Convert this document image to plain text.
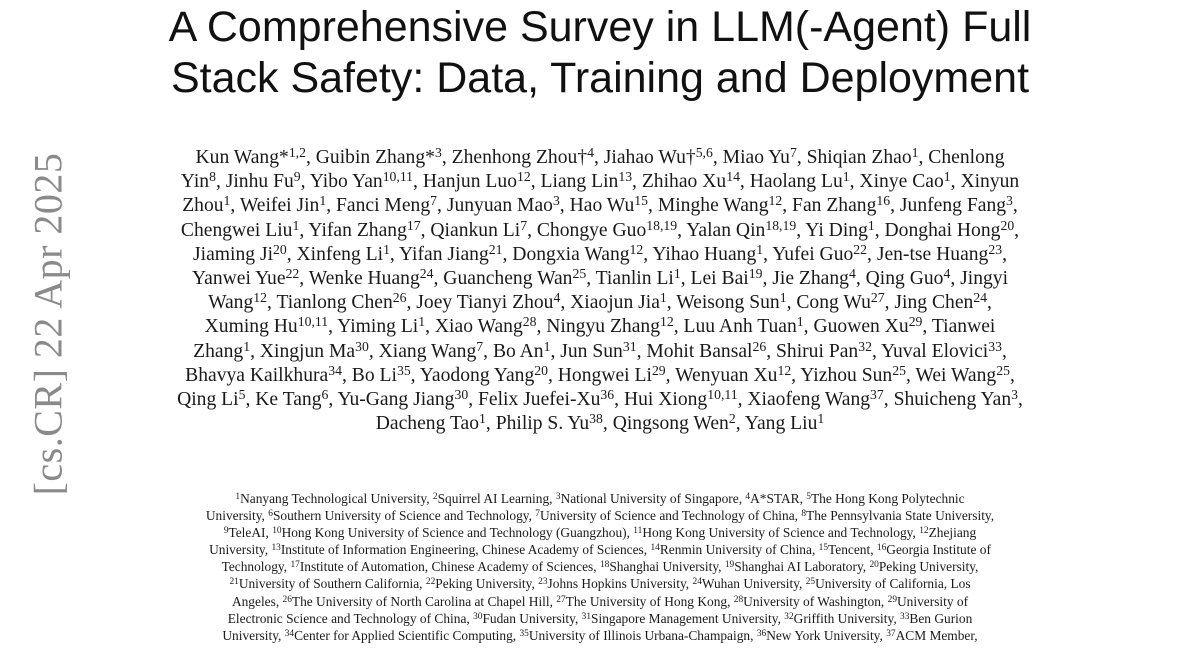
[cs.CR] 22 Apr 2025
A Comprehensive Survey in LLM(-Agent) Full
Stack Safety: Data, Training and Deployment
Kun Wang*$^{1,2}$, Guibin Zhang*$^3$, Zhenhong Zhou†$^4$, Jiahao Wu†$^{5,6}$, Miao Yu$^7$, Shiqian Zhao$^1$, Chenlong
Yin$^8$, Jinhu Fu$^9$, Yibo Yan$^{10,11}$, Hanjun Luo$^{12}$, Liang Lin$^{13}$, Zhihao Xu$^{14}$, Haolang Lu$^1$, Xinye Cao$^1$, Xinyun
Zhou$^1$, Weifei Jin$^1$, Fanci Meng$^7$, Junyuan Mao$^3$, Hao Wu$^{15}$, Minghe Wang$^{12}$, Fan Zhang$^{16}$, Junfeng Fang$^3$,
Chengwei Liu$^1$, Yifan Zhang$^{17}$, Qiankun Li$^7$, Chongye Guo$^{18,19}$, Yalan Qin$^{18,19}$, Yi Ding$^1$, Donghai Hong$^{20}$,
Jiaming Ji$^{20}$, Xinfeng Li$^1$, Yifan Jiang$^{21}$, Dongxia Wang$^{12}$, Yihao Huang$^1$, Yufei Guo$^{22}$, Jen-tse Huang$^{23}$,
Yanwei Yue$^{22}$, Wenke Huang$^{24}$, Guancheng Wan$^{25}$, Tianlin Li$^1$, Lei Bai$^{19}$, Jie Zhang$^4$, Qing Guo$^4$, Jingyi
Wang$^{12}$, Tianlong Chen$^{26}$, Joey Tianyi Zhou$^4$, Xiaojun Jia$^1$, Weisong Sun$^1$, Cong Wu$^{27}$, Jing Chen$^{24}$,
Xuming Hu$^{10,11}$, Yiming Li$^1$, Xiao Wang$^{28}$, Ningyu Zhang$^{12}$, Luu Anh Tuan$^1$, Guowen Xu$^{29}$, Tianwei
Zhang$^1$, Xingjun Ma$^{30}$, Xiang Wang$^7$, Bo An$^1$, Jun Sun$^{31}$, Mohit Bansal$^{26}$, Shirui Pan$^{32}$, Yuval Elovici$^{33}$,
Bhavya Kailkhura$^{34}$, Bo Li$^{35}$, Yaodong Yang$^{20}$, Hongwei Li$^{29}$, Wenyuan Xu$^{12}$, Yizhou Sun$^{25}$, Wei Wang$^{25}$,
Qing Li$^5$, Ke Tang$^6$, Yu-Gang Jiang$^{30}$, Felix Juefei-Xu$^{36}$, Hui Xiong$^{10,11}$, Xiaofeng Wang$^{37}$, Shuicheng Yan$^3$,
Dacheng Tao$^1$, Philip S. Yu$^{38}$, Qingsong Wen$^2$, Yang Liu$^1$
$^1$Nanyang Technological University, $^2$Squirrel AI Learning, $^3$National University of Singapore, $^4$A*STAR, $^5$The Hong Kong Polytechnic
University, $^6$Southern University of Science and Technology, $^7$University of Science and Technology of China, $^8$The Pennsylvania State University,
$^9$TeleAI, $^{10}$Hong Kong University of Science and Technology (Guangzhou), $^{11}$Hong Kong University of Science and Technology, $^{12}$Zhejiang
University, $^{13}$Institute of Information Engineering, Chinese Academy of Sciences, $^{14}$Renmin University of China, $^{15}$Tencent, $^{16}$Georgia Institute of
Technology, $^{17}$Institute of Automation, Chinese Academy of Sciences, $^{18}$Shanghai University, $^{19}$Shanghai AI Laboratory, $^{20}$Peking University,
$^{21}$University of Southern California, $^{22}$Peking University, $^{23}$Johns Hopkins University, $^{24}$Wuhan University, $^{25}$University of California, Los
Angeles, $^{26}$The University of North Carolina at Chapel Hill, $^{27}$The University of Hong Kong, $^{28}$University of Washington, $^{29}$University of
Electronic Science and Technology of China, $^{30}$Fudan University, $^{31}$Singapore Management University, $^{32}$Griffith University, $^{33}$Ben Gurion
University, $^{34}$Center for Applied Scientific Computing, $^{35}$University of Illinois Urbana-Champaign, $^{36}$New York University, $^{37}$ACM Member,
